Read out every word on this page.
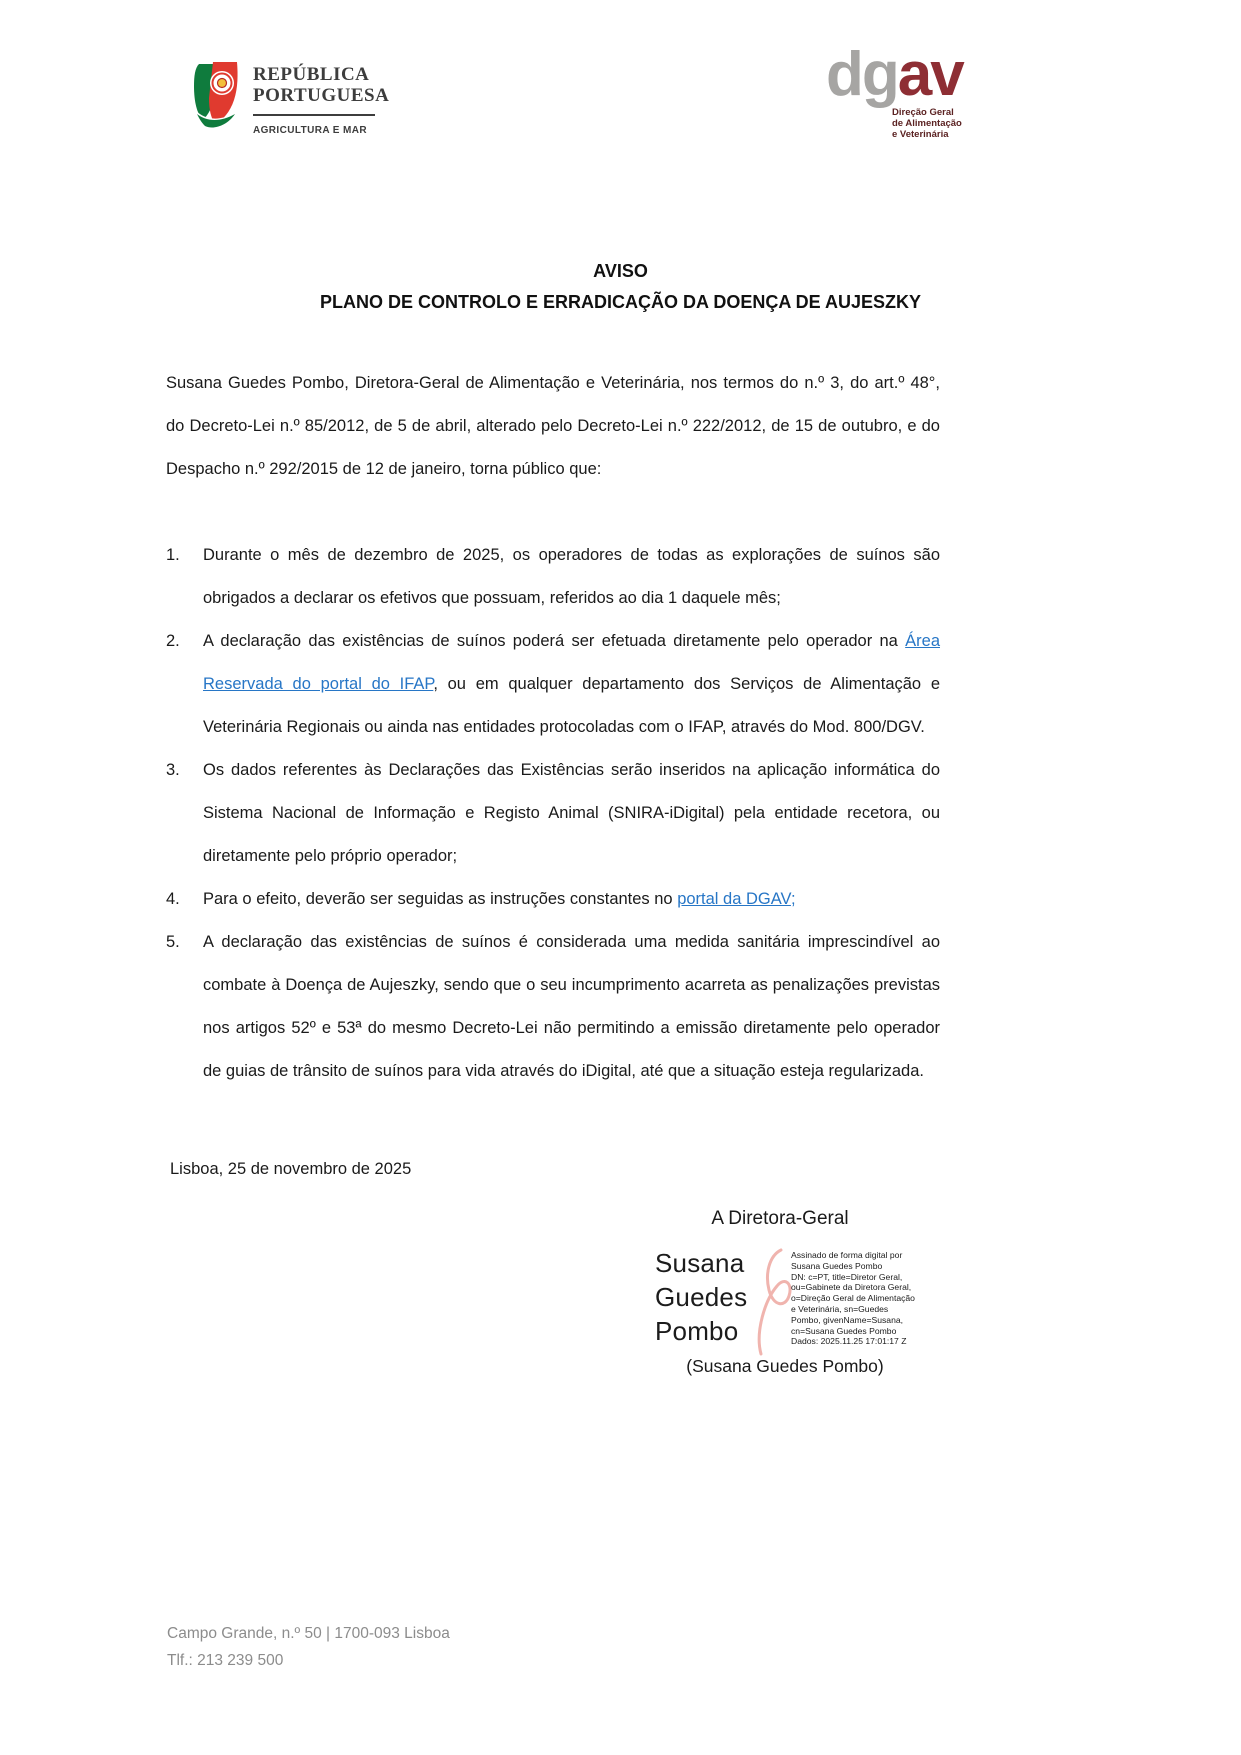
REPÚBLICA
PORTUGUESA
AGRICULTURA E MAR
dgav
Direção Geral
de Alimentação
e Veterinária
AVISO
PLANO DE CONTROLO E ERRADICAÇÃO DA DOENÇA DE AUJESZKY

Susana Guedes Pombo, Diretora-Geral de Alimentação e Veterinária, nos termos do n.º 3, do art.º 48°, do Decreto-Lei n.º 85/2012, de 5 de abril, alterado pelo Decreto-Lei n.º 222/2012, de 15 de outubro, e do Despacho n.º 292/2015 de 12 de janeiro, torna público que:

1.	Durante o mês de dezembro de 2025, os operadores de todas as explorações de suínos são obrigados a declarar os efetivos que possuam, referidos ao dia 1 daquele mês;
2.	A declaração das existências de suínos poderá ser efetuada diretamente pelo operador na Área Reservada do portal do IFAP, ou em qualquer departamento dos Serviços de Alimentação e Veterinária Regionais ou ainda nas entidades protocoladas com o IFAP, através do Mod. 800/DGV.
3.	Os dados referentes às Declarações das Existências serão inseridos na aplicação informática do Sistema Nacional de Informação e Registo Animal (SNIRA-iDigital) pela entidade recetora, ou diretamente pelo próprio operador;
4.	Para o efeito, deverão ser seguidas as instruções constantes no portal da DGAV;
5.	A declaração das existências de suínos é considerada uma medida sanitária imprescindível ao combate à Doença de Aujeszky, sendo que o seu incumprimento acarreta as penalizações previstas nos artigos 52º e 53ª do mesmo Decreto-Lei não permitindo a emissão diretamente pelo operador de guias de trânsito de suínos para vida através do iDigital, até que a situação esteja regularizada.
Lisboa, 25 de novembro de 2025
A Diretora-Geral
Susana
Guedes
Pombo
Assinado de forma digital por
Susana Guedes Pombo
DN: c=PT, title=Diretor Geral,
ou=Gabinete da Diretora Geral,
o=Direção Geral de Alimentação
e Veterinária, sn=Guedes
Pombo, givenName=Susana,
cn=Susana Guedes Pombo
Dados: 2025.11.25 17:01:17 Z
(Susana Guedes Pombo)
Campo Grande, n.º 50 | 1700-093 Lisboa
Tlf.: 213 239 500
